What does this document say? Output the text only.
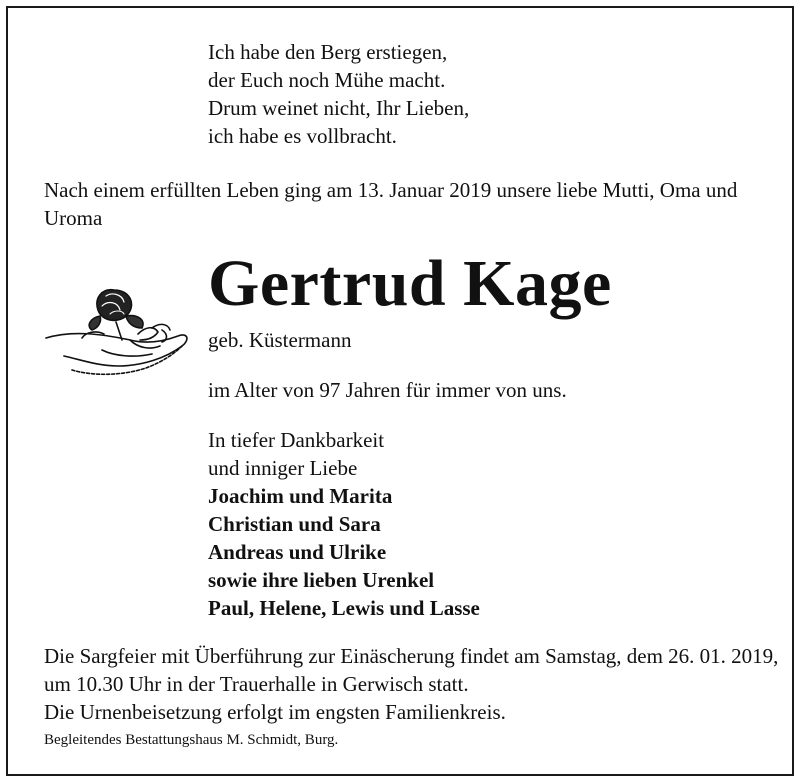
Ich habe den Berg erstiegen,
der Euch noch Mühe macht.
Drum weinet nicht, Ihr Lieben,
ich habe es vollbracht.
Nach einem erfüllten Leben ging am 13. Januar 2019 unsere liebe Mutti, Oma und Uroma
Gertrud Kage
geb. Küstermann
im Alter von 97 Jahren für immer von uns.
In tiefer Dankbarkeit
und inniger Liebe
Joachim und Marita
Christian und Sara
Andreas und Ulrike
sowie ihre lieben Urenkel
Paul, Helene, Lewis und Lasse
Die Sargfeier mit Überführung zur Einäscherung findet am Samstag, dem 26. 01. 2019, um 10.30 Uhr in der Trauerhalle in Gerwisch statt.
Die Urnenbeisetzung erfolgt im engsten Familienkreis.
Begleitendes Bestattungshaus M. Schmidt, Burg.
